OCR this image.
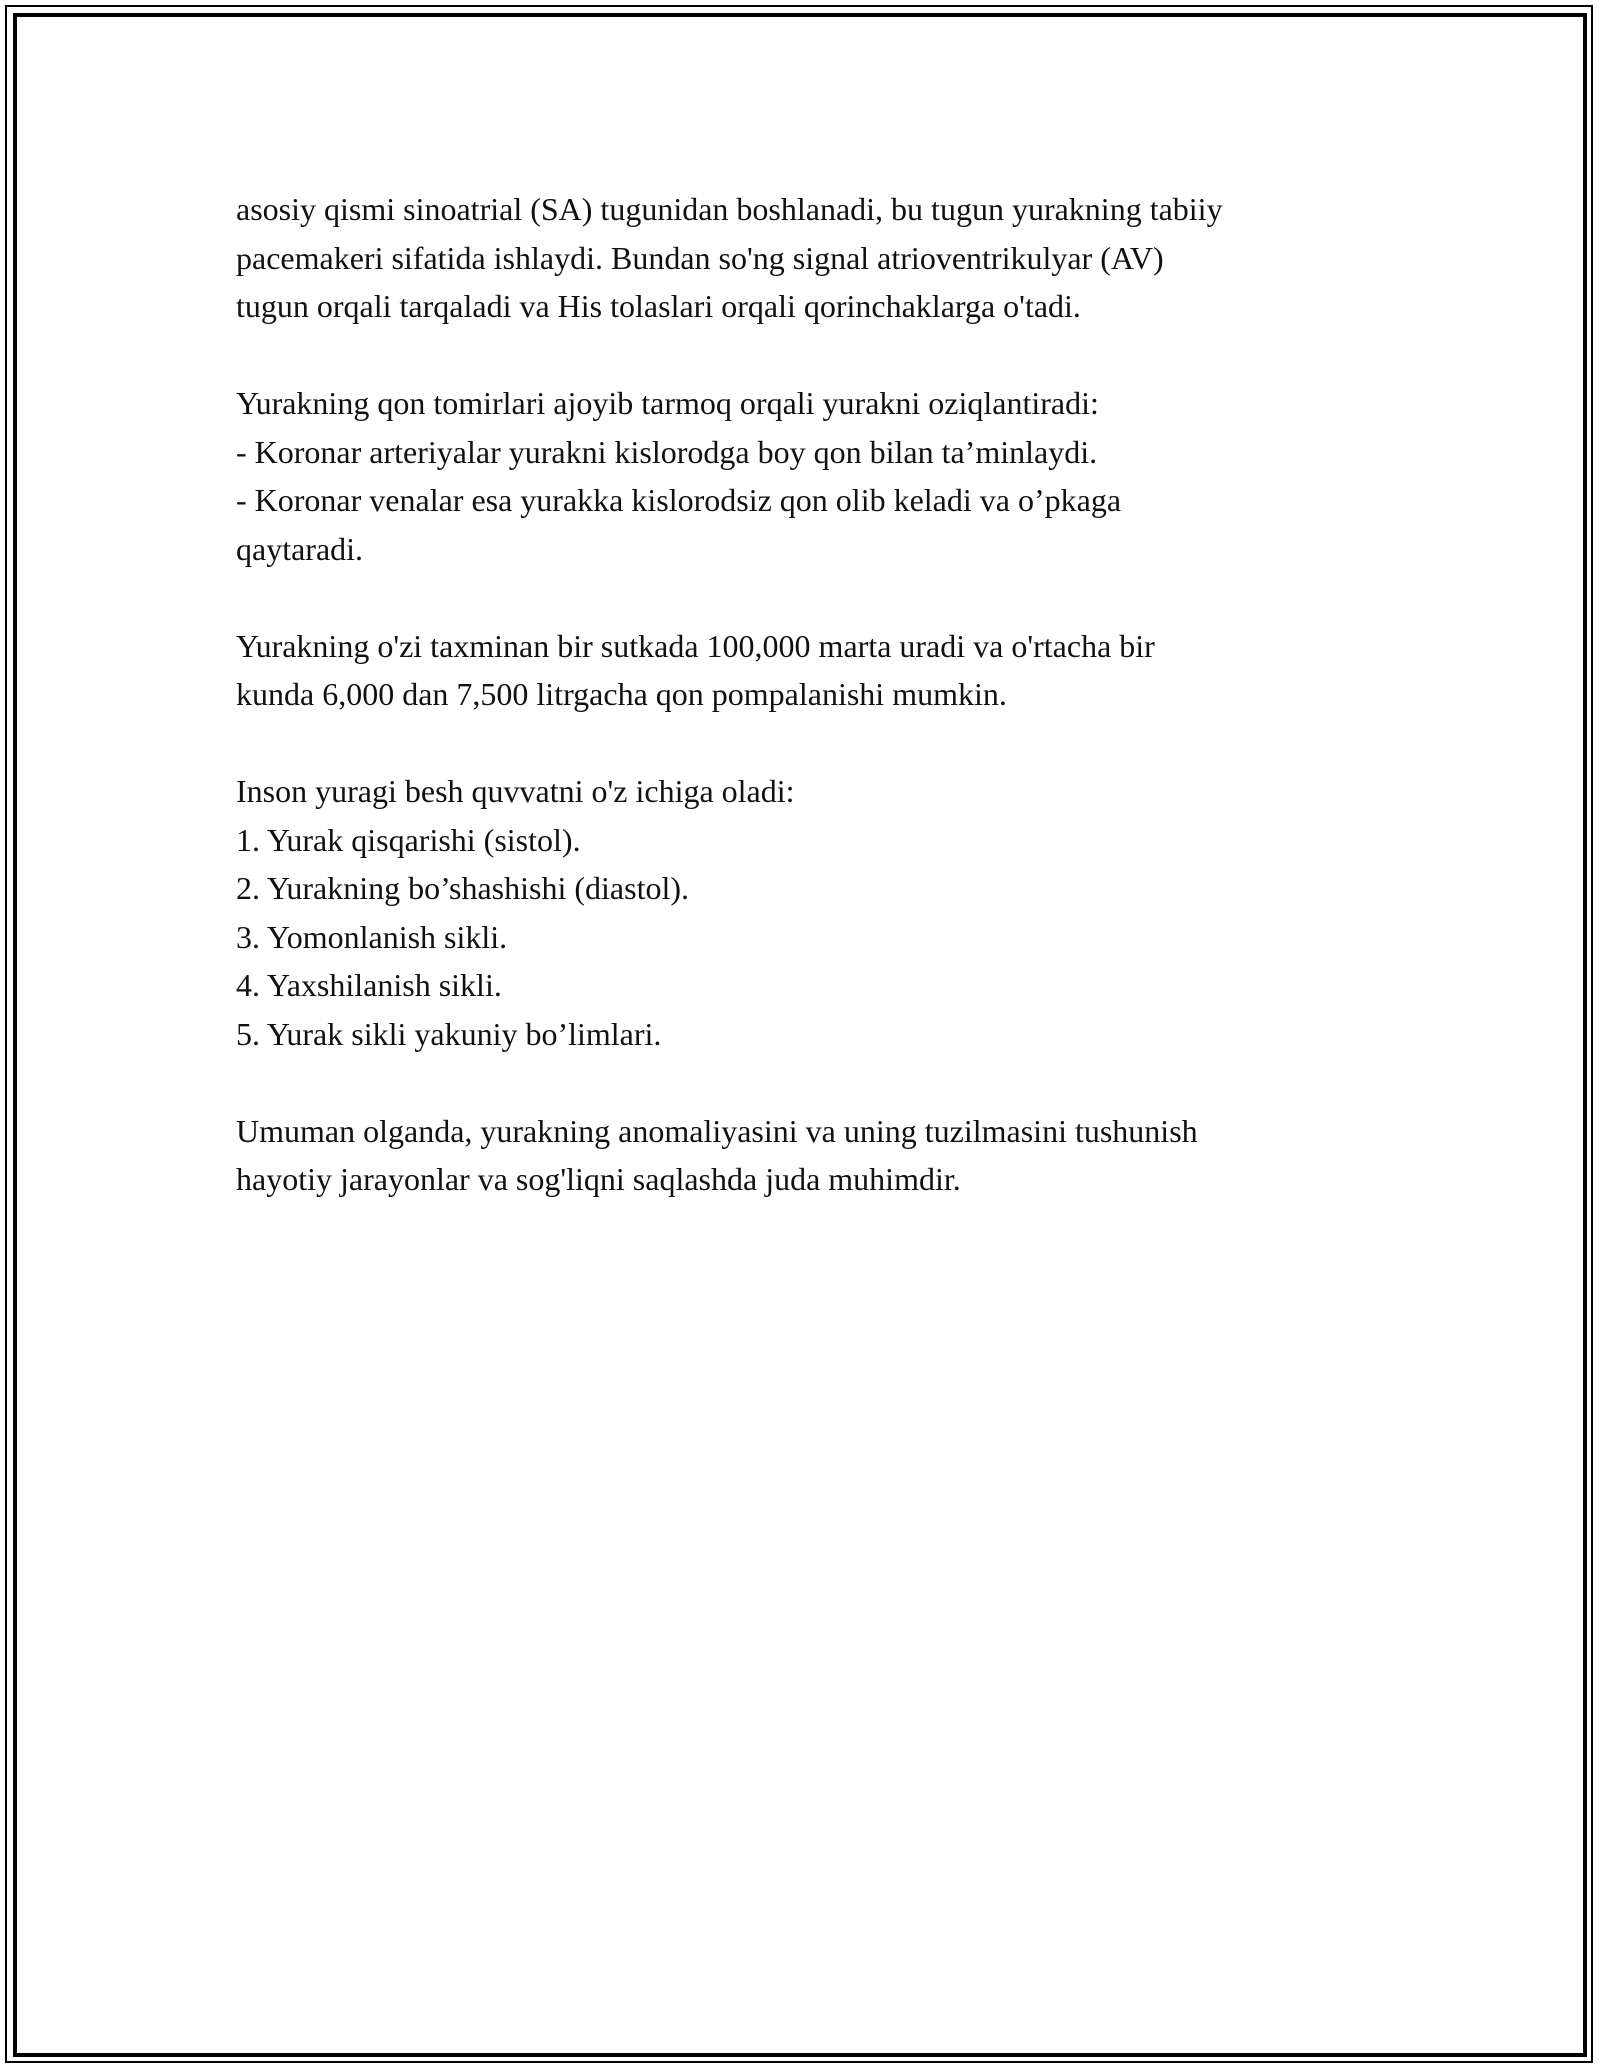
asosiy qismi sinoatrial (SA) tugunidan boshlanadi, bu tugun yurakning tabiiy
pacemakeri sifatida ishlaydi. Bundan so'ng signal atrioventrikulyar (AV)
tugun orqali tarqaladi va His tolaslari orqali qorinchaklarga o'tadi.

Yurakning qon tomirlari ajoyib tarmoq orqali yurakni oziqlantiradi:
- Koronar arteriyalar yurakni kislorodga boy qon bilan ta’minlaydi.
- Koronar venalar esa yurakka kislorodsiz qon olib keladi va o’pkaga
qaytaradi.

Yurakning o'zi taxminan bir sutkada 100,000 marta uradi va o'rtacha bir
kunda 6,000 dan 7,500 litrgacha qon pompalanishi mumkin.

Inson yuragi besh quvvatni o'z ichiga oladi:
1. Yurak qisqarishi (sistol).
2. Yurakning bo’shashishi (diastol).
3. Yomonlanish sikli.
4. Yaxshilanish sikli.
5. Yurak sikli yakuniy bo’limlari.

Umuman olganda, yurakning anomaliyasini va uning tuzilmasini tushunish
hayotiy jarayonlar va sog'liqni saqlashda juda muhimdir.
